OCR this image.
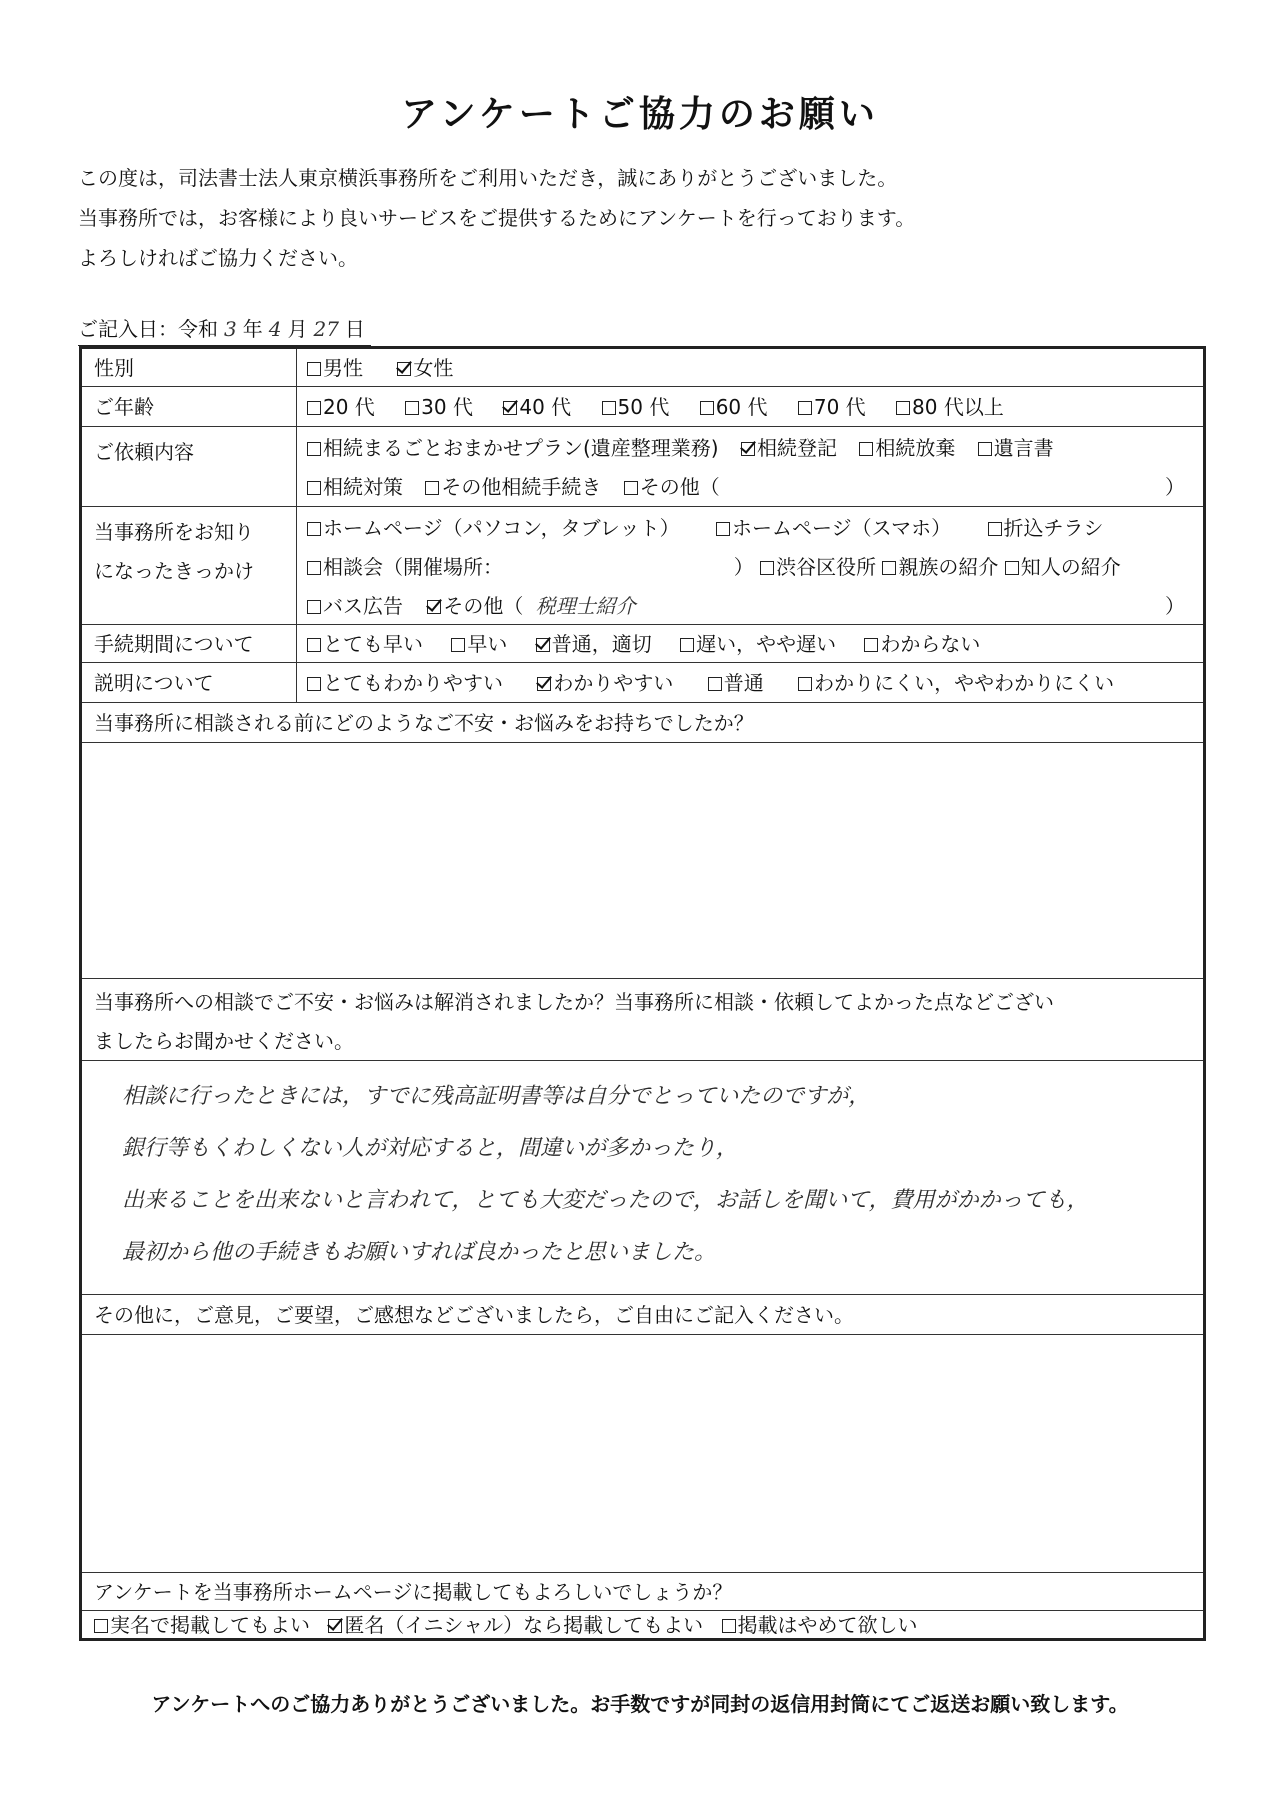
アンケートご協力のお願い
この度は，司法書士法人東京横浜事務所をご利用いただき，誠にありがとうございました。
当事務所では，お客様により良いサービスをご提供するためにアンケートを行っております。
よろしければご協力ください。
ご記入日：令和 3 年 4 月 27 日
性別	男性	女性
ご年齢	20 代 30 代 40 代 50 代 60 代 70 代 80 代以上
ご依頼内容	相続まるごとおまかせプラン(遺産整理業務) 相続登記 相続放棄 遺言書
相続対策 その他相続手続き その他（	）
当事務所をお知り
になったきっかけ
ホームページ（パソコン，タブレット）	ホームページ（スマホ）	折込チラシ
相談会（開催場所：	） 渋谷区役所 親族の紹介 知人の紹介
バス広告 その他（ 税理士紹介	）
手続期間について	とても早い 早い 普通，適切 遅い，やや遅い わからない
説明について	とてもわかりやすい	わかりやすい	普通	わかりにくい，ややわかりにくい
当事務所に相談される前にどのようなご不安・お悩みをお持ちでしたか？
当事務所への相談でご不安・お悩みは解消されましたか？当事務所に相談・依頼してよかった点などござい
ましたらお聞かせください。
相談に行ったときには，すでに残高証明書等は自分でとっていたのですが，
銀行等もくわしくない人が対応すると，間違いが多かったり，
出来ることを出来ないと言われて，とても大変だったので，お話しを聞いて，費用がかかっても，
最初から他の手続きもお願いすれば良かったと思いました。
その他に，ご意見，ご要望，ご感想などございましたら，ご自由にご記入ください。
アンケートを当事務所ホームページに掲載してもよろしいでしょうか？
実名で掲載してもよい 匿名（イニシャル）なら掲載してもよい 掲載はやめて欲しい
アンケートへのご協力ありがとうございました。お手数ですが同封の返信用封筒にてご返送お願い致します。
